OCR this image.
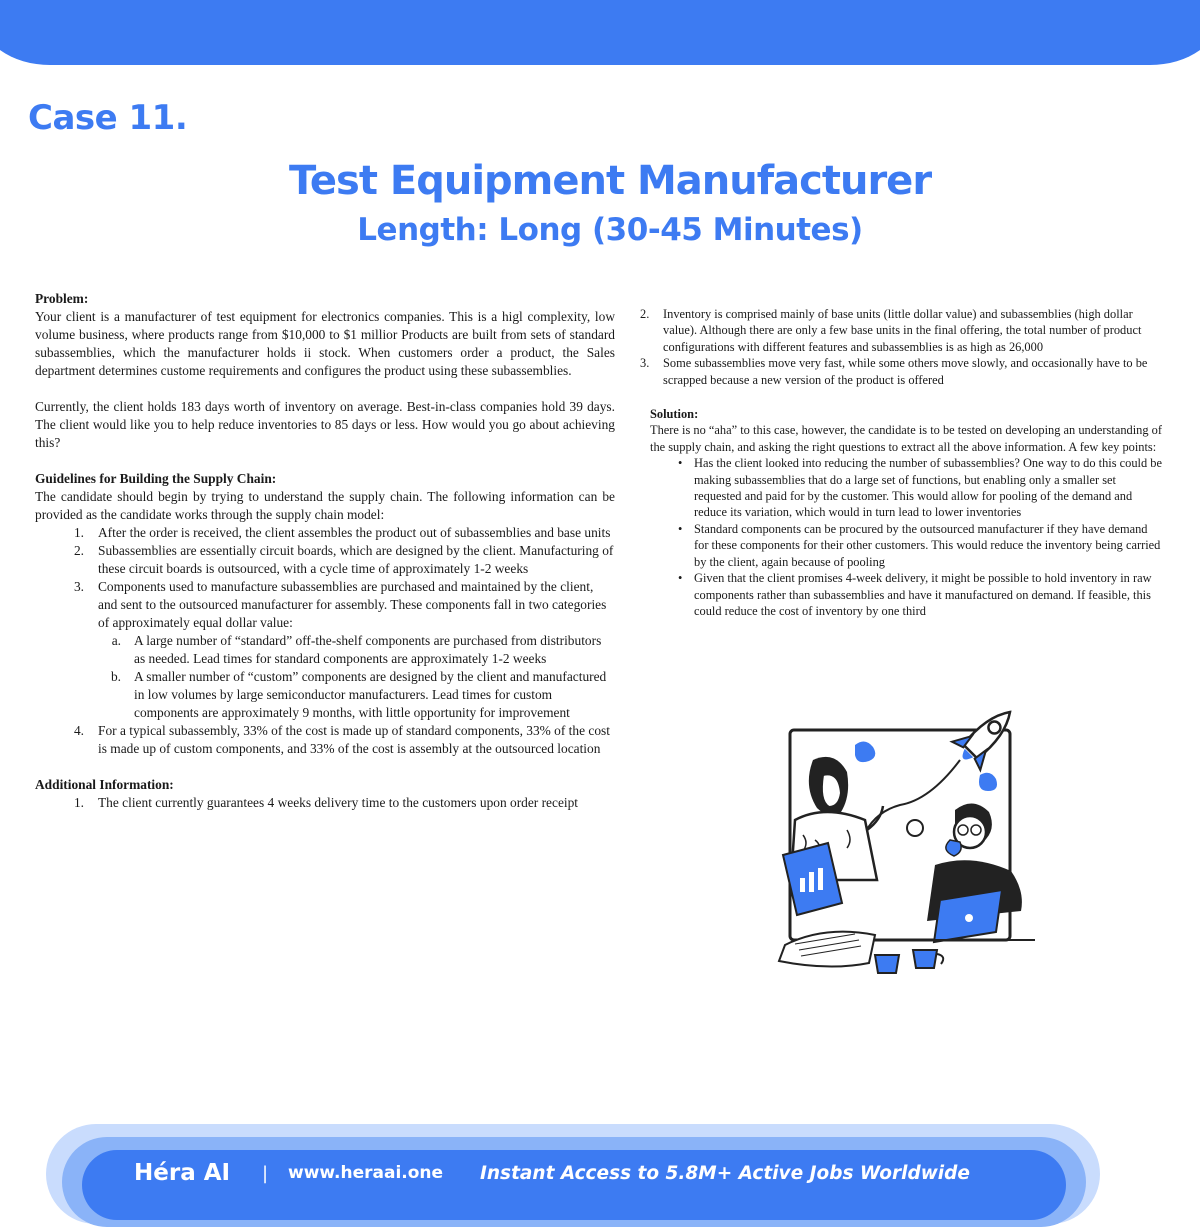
Case 11.
Test Equipment Manufacturer
Length: Long (30-45 Minutes)
Problem:

Your client is a manufacturer of test equipment for electronics companies. This is a higl complexity, low volume business, where products range from $10,000 to $1 millior Products are built from sets of standard subassemblies, which the manufacturer holds ii stock. When customers order a product, the Sales department determines custome requirements and configures the product using these subassemblies.

Currently, the client holds 183 days worth of inventory on average. Best-in-class companies hold 39 days. The client would like you to help reduce inventories to 85 days or less. How would you go about achieving this?

Guidelines for Building the Supply Chain:

The candidate should begin by trying to understand the supply chain. The following information can be provided as the candidate works through the supply chain model:

1.	After the order is received, the client assembles the product out of subassemblies and base units
2.	Subassemblies are essentially circuit boards, which are designed by the client. Manufacturing of these circuit boards is outsourced, with a cycle time of approximately 1-2 weeks
3.	Components used to manufacture subassemblies are purchased and maintained by the client, and sent to the outsourced manufacturer for assembly. These components fall in two categories of approximately equal dollar value:
a. A large number of “standard” off-the-shelf components are purchased from distributors as needed. Lead times for standard components are approximately 1-2 weeks
b. A smaller number of “custom” components are designed by the client and manufactured in low volumes by large semiconductor manufacturers. Lead times for custom components are approximately 9 months, with little opportunity for improvement
4.	For a typical subassembly, 33% of the cost is made up of standard components, 33% of the cost is made up of custom components, and 33% of the cost is assembly at the outsourced location
Additional Information:
1.	The client currently guarantees 4 weeks delivery time to the customers upon order receipt
2.	Inventory is comprised mainly of base units (little dollar value) and subassemblies (high dollar value). Although there are only a few base units in the final offering, the total number of product configurations with different features and subassemblies is as high as 26,000
3.	Some subassemblies move very fast, while some others move slowly, and occasionally have to be scrapped because a new version of the product is offered
Solution:

There is no “aha” to this case, however, the candidate is to be tested on developing an understanding of the supply chain, and asking the right questions to extract all the above information. A few key points:

• Has the client looked into reducing the number of subassemblies? One way to do this could be making subassemblies that do a large set of functions, but enabling only a smaller set requested and paid for by the customer. This would allow for pooling of the demand and reduce its variation, which would in turn lead to lower inventories
• Standard components can be procured by the outsourced manufacturer if they have demand for these components for their other customers. This would reduce the inventory being carried by the client, again because of pooling
• Given that the client promises 4-week delivery, it might be possible to hold inventory in raw components rather than subassemblies and have it manufactured on demand. If feasible, this could reduce the cost of inventory by one third
Héra AI | www.heraai.one Instant Access to 5.8M+ Active Jobs Worldwide
